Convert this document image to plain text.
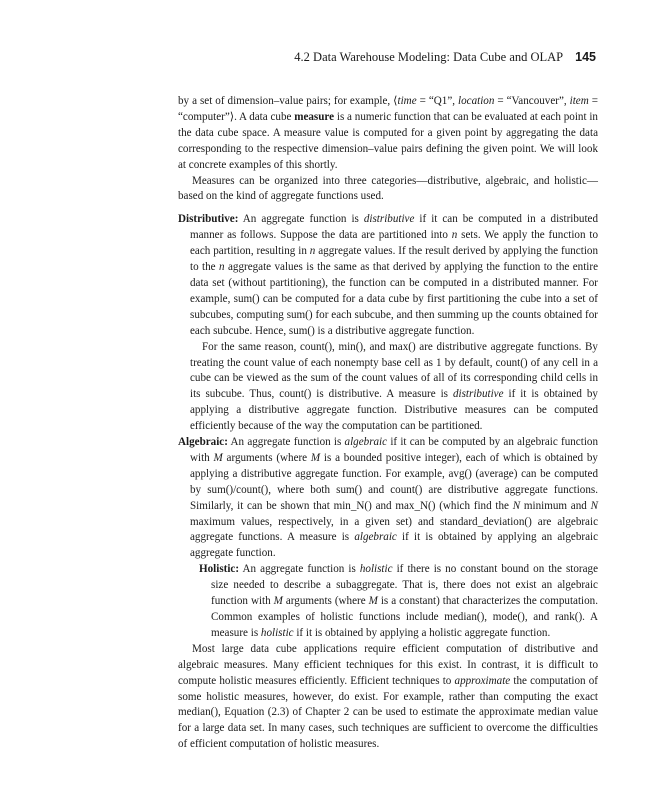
4.2 Data Warehouse Modeling: Data Cube and OLAP 145

by a set of dimension–value pairs; for example, ⟨time = “Q1”, location = “Vancouver”, item = “computer”⟩. A data cube measure is a numeric function that can be evaluated at each point in the data cube space. A measure value is computed for a given point by aggregating the data corresponding to the respective dimension–value pairs defining the given point. We will look at concrete examples of this shortly.

Measures can be organized into three categories—distributive, algebraic, and holistic—based on the kind of aggregate functions used.

Distributive: An aggregate function is distributive if it can be computed in a distributed manner as follows. Suppose the data are partitioned into n sets. We apply the function to each partition, resulting in n aggregate values. If the result derived by applying the function to the n aggregate values is the same as that derived by applying the function to the entire data set (without partitioning), the function can be computed in a distributed manner. For example, sum() can be computed for a data cube by first partitioning the cube into a set of subcubes, computing sum() for each subcube, and then summing up the counts obtained for each subcube. Hence, sum() is a distributive aggregate function.

For the same reason, count(), min(), and max() are distributive aggregate functions. By treating the count value of each nonempty base cell as 1 by default, count() of any cell in a cube can be viewed as the sum of the count values of all of its corresponding child cells in its subcube. Thus, count() is distributive. A measure is distributive if it is obtained by applying a distributive aggregate function. Distributive measures can be computed efficiently because of the way the computation can be partitioned.

Algebraic: An aggregate function is algebraic if it can be computed by an algebraic function with M arguments (where M is a bounded positive integer), each of which is obtained by applying a distributive aggregate function. For example, avg() (average) can be computed by sum()/count(), where both sum() and count() are distributive aggregate functions. Similarly, it can be shown that min_N() and max_N() (which find the N minimum and N maximum values, respectively, in a given set) and standard_deviation() are algebraic aggregate functions. A measure is algebraic if it is obtained by applying an algebraic aggregate function.

Holistic: An aggregate function is holistic if there is no constant bound on the storage size needed to describe a subaggregate. That is, there does not exist an algebraic function with M arguments (where M is a constant) that characterizes the computation. Common examples of holistic functions include median(), mode(), and rank(). A measure is holistic if it is obtained by applying a holistic aggregate function.

Most large data cube applications require efficient computation of distributive and algebraic measures. Many efficient techniques for this exist. In contrast, it is difficult to compute holistic measures efficiently. Efficient techniques to approximate the computation of some holistic measures, however, do exist. For example, rather than computing the exact median(), Equation (2.3) of Chapter 2 can be used to estimate the approximate median value for a large data set. In many cases, such techniques are sufficient to overcome the difficulties of efficient computation of holistic measures.
